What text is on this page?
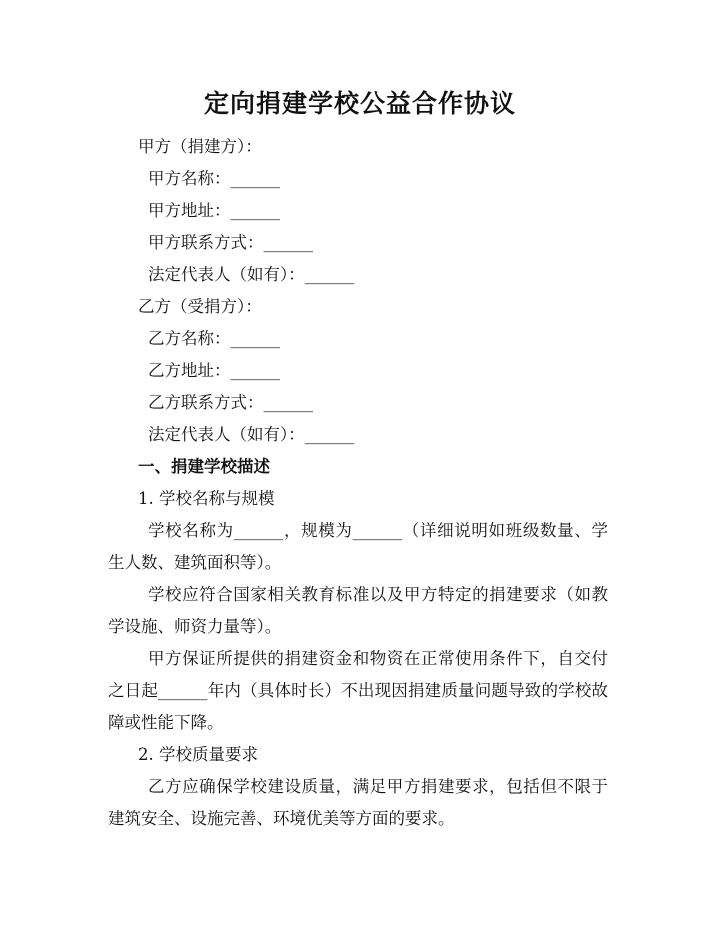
定向捐建学校公益合作协议
甲方（捐建方）：
甲方名称：______
甲方地址：______
甲方联系方式：______
法定代表人（如有）：______
乙方（受捐方）：
乙方名称：______
乙方地址：______
乙方联系方式：______
法定代表人（如有）：______
一、捐建学校描述
1. 学校名称与规模
学校名称为______，规模为______（详细说明如班级数量、学生人数、建筑面积等）。
学校应符合国家相关教育标准以及甲方特定的捐建要求（如教学设施、师资力量等）。
甲方保证所提供的捐建资金和物资在正常使用条件下，自交付之日起______年内（具体时长）不出现因捐建质量问题导致的学校故障或性能下降。
2. 学校质量要求
乙方应确保学校建设质量，满足甲方捐建要求，包括但不限于建筑安全、设施完善、环境优美等方面的要求。
